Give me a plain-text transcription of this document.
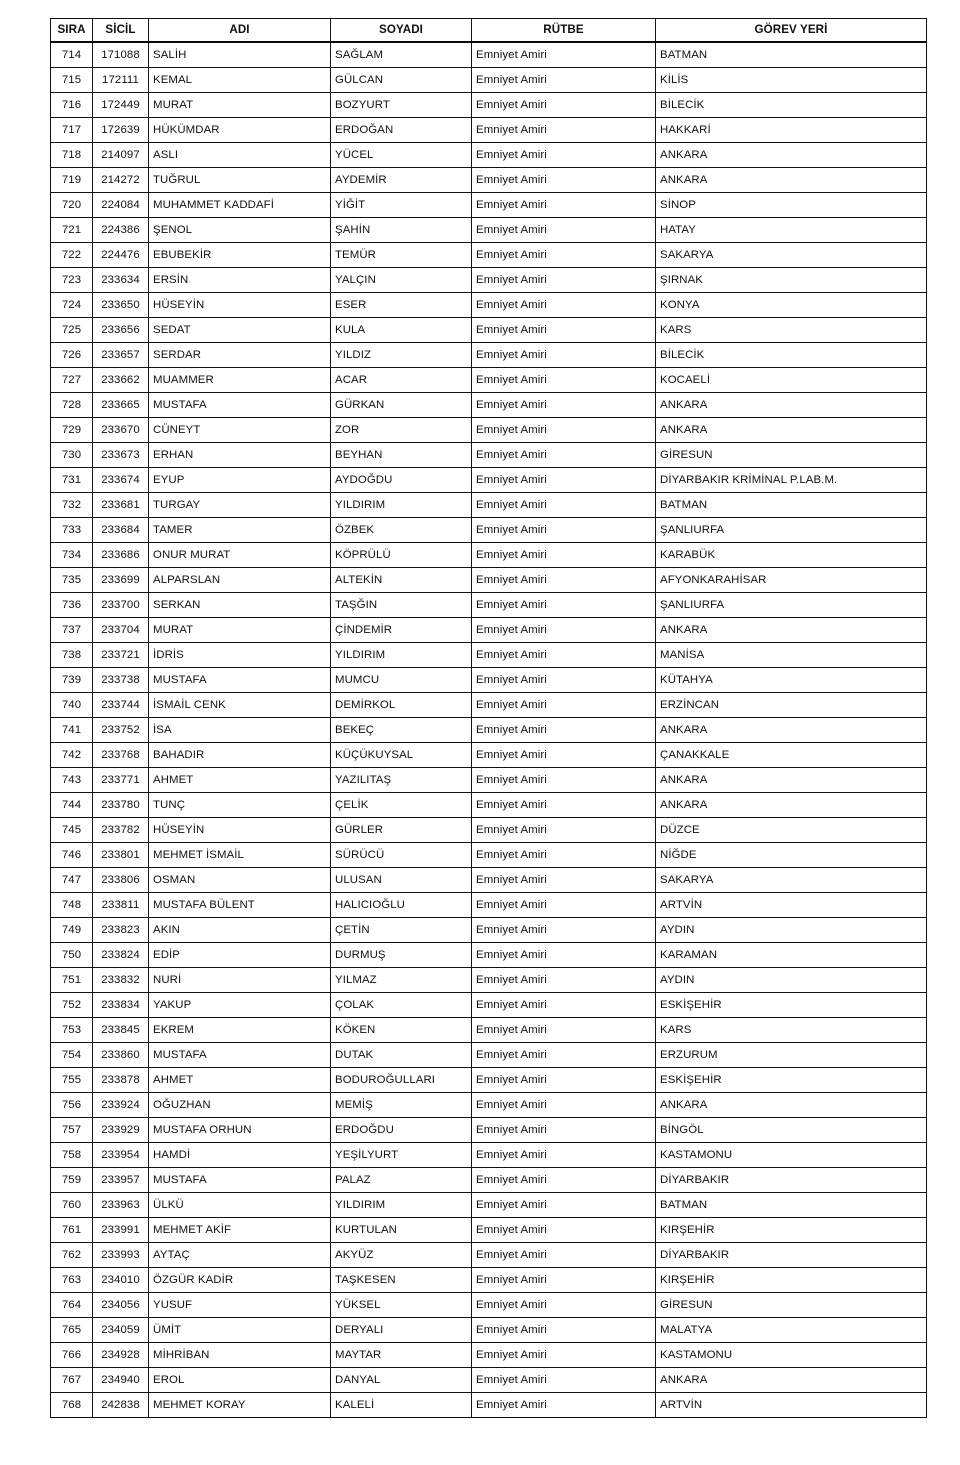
SIRA	SİCİL	ADI	SOYADI	RÜTBE	GÖREV YERİ
714	171088	SALİH	SAĞLAM	Emniyet Amiri	BATMAN
715	172111	KEMAL	GÜLCAN	Emniyet Amiri	KİLİS
716	172449	MURAT	BOZYURT	Emniyet Amiri	BİLECİK
717	172639	HÜKÜMDAR	ERDOĞAN	Emniyet Amiri	HAKKARİ
718	214097	ASLI	YÜCEL	Emniyet Amiri	ANKARA
719	214272	TUĞRUL	AYDEMİR	Emniyet Amiri	ANKARA
720	224084	MUHAMMET KADDAFİ	YİĞİT	Emniyet Amiri	SİNOP
721	224386	ŞENOL	ŞAHİN	Emniyet Amiri	HATAY
722	224476	EBUBEKİR	TEMÜR	Emniyet Amiri	SAKARYA
723	233634	ERSİN	YALÇIN	Emniyet Amiri	ŞIRNAK
724	233650	HÜSEYİN	ESER	Emniyet Amiri	KONYA
725	233656	SEDAT	KULA	Emniyet Amiri	KARS
726	233657	SERDAR	YILDIZ	Emniyet Amiri	BİLECİK
727	233662	MUAMMER	ACAR	Emniyet Amiri	KOCAELİ
728	233665	MUSTAFA	GÜRKAN	Emniyet Amiri	ANKARA
729	233670	CÜNEYT	ZOR	Emniyet Amiri	ANKARA
730	233673	ERHAN	BEYHAN	Emniyet Amiri	GİRESUN
731	233674	EYUP	AYDOĞDU	Emniyet Amiri	DİYARBAKIR KRİMİNAL P.LAB.M.
732	233681	TURGAY	YILDIRIM	Emniyet Amiri	BATMAN
733	233684	TAMER	ÖZBEK	Emniyet Amiri	ŞANLIURFA
734	233686	ONUR MURAT	KÖPRÜLÜ	Emniyet Amiri	KARABÜK
735	233699	ALPARSLAN	ALTEKİN	Emniyet Amiri	AFYONKARAHİSAR
736	233700	SERKAN	TAŞĞIN	Emniyet Amiri	ŞANLIURFA
737	233704	MURAT	ÇİNDEMİR	Emniyet Amiri	ANKARA
738	233721	İDRİS	YILDIRIM	Emniyet Amiri	MANİSA
739	233738	MUSTAFA	MUMCU	Emniyet Amiri	KÜTAHYA
740	233744	İSMAİL CENK	DEMİRKOL	Emniyet Amiri	ERZİNCAN
741	233752	İSA	BEKEÇ	Emniyet Amiri	ANKARA
742	233768	BAHADIR	KÜÇÜKUYSAL	Emniyet Amiri	ÇANAKKALE
743	233771	AHMET	YAZILITAŞ	Emniyet Amiri	ANKARA
744	233780	TUNÇ	ÇELİK	Emniyet Amiri	ANKARA
745	233782	HÜSEYİN	GÜRLER	Emniyet Amiri	DÜZCE
746	233801	MEHMET İSMAİL	SÜRÜCÜ	Emniyet Amiri	NİĞDE
747	233806	OSMAN	ULUSAN	Emniyet Amiri	SAKARYA
748	233811	MUSTAFA BÜLENT	HALICIOĞLU	Emniyet Amiri	ARTVİN
749	233823	AKIN	ÇETİN	Emniyet Amiri	AYDIN
750	233824	EDİP	DURMUŞ	Emniyet Amiri	KARAMAN
751	233832	NURİ	YILMAZ	Emniyet Amiri	AYDIN
752	233834	YAKUP	ÇOLAK	Emniyet Amiri	ESKİŞEHİR
753	233845	EKREM	KÖKEN	Emniyet Amiri	KARS
754	233860	MUSTAFA	DUTAK	Emniyet Amiri	ERZURUM
755	233878	AHMET	BODUROĞULLARI	Emniyet Amiri	ESKİŞEHİR
756	233924	OĞUZHAN	MEMİŞ	Emniyet Amiri	ANKARA
757	233929	MUSTAFA ORHUN	ERDOĞDU	Emniyet Amiri	BİNGÖL
758	233954	HAMDİ	YEŞİLYURT	Emniyet Amiri	KASTAMONU
759	233957	MUSTAFA	PALAZ	Emniyet Amiri	DİYARBAKIR
760	233963	ÜLKÜ	YILDIRIM	Emniyet Amiri	BATMAN
761	233991	MEHMET AKİF	KURTULAN	Emniyet Amiri	KIRŞEHİR
762	233993	AYTAÇ	AKYÜZ	Emniyet Amiri	DİYARBAKIR
763	234010	ÖZGÜR KADİR	TAŞKESEN	Emniyet Amiri	KIRŞEHİR
764	234056	YUSUF	YÜKSEL	Emniyet Amiri	GİRESUN
765	234059	ÜMİT	DERYALI	Emniyet Amiri	MALATYA
766	234928	MİHRİBAN	MAYTAR	Emniyet Amiri	KASTAMONU
767	234940	EROL	DANYAL	Emniyet Amiri	ANKARA
768	242838	MEHMET KORAY	KALELİ	Emniyet Amiri	ARTVİN
